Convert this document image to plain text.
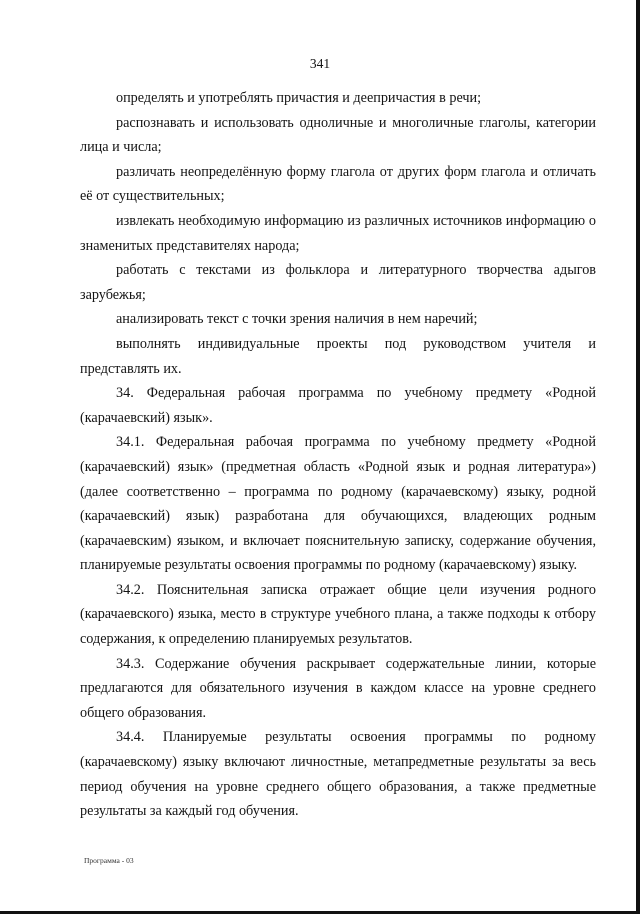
341

определять и употреблять причастия и деепричастия в речи;

распознавать и использовать одноличные и многоличные глаголы, категории лица и числа;

различать неопределённую форму глагола от других форм глагола и отличать её от существительных;

извлекать необходимую информацию из различных источников информацию о знаменитых представителях народа;

работать с текстами из фольклора и литературного творчества адыгов зарубежья;

анализировать текст с точки зрения наличия в нем наречий;

выполнять индивидуальные проекты под руководством учителя и представлять их.

34. Федеральная рабочая программа по учебному предмету «Родной (карачаевский) язык».

34.1. Федеральная рабочая программа по учебному предмету «Родной (карачаевский) язык» (предметная область «Родной язык и родная литература») (далее соответственно – программа по родному (карачаевскому) языку, родной (карачаевский) язык) разработана для обучающихся, владеющих родным (карачаевским) языком, и включает пояснительную записку, содержание обучения, планируемые результаты освоения программы по родному (карачаевскому) языку.

34.2. Пояснительная записка отражает общие цели изучения родного (карачаевского) языка, место в структуре учебного плана, а также подходы к отбору содержания, к определению планируемых результатов.

34.3. Содержание обучения раскрывает содержательные линии, которые предлагаются для обязательного изучения в каждом классе на уровне среднего общего образования.

34.4. Планируемые результаты освоения программы по родному (карачаевскому) языку включают личностные, метапредметные результаты за весь период обучения на уровне среднего общего образования, а также предметные результаты за каждый год обучения.

Программа - 03
